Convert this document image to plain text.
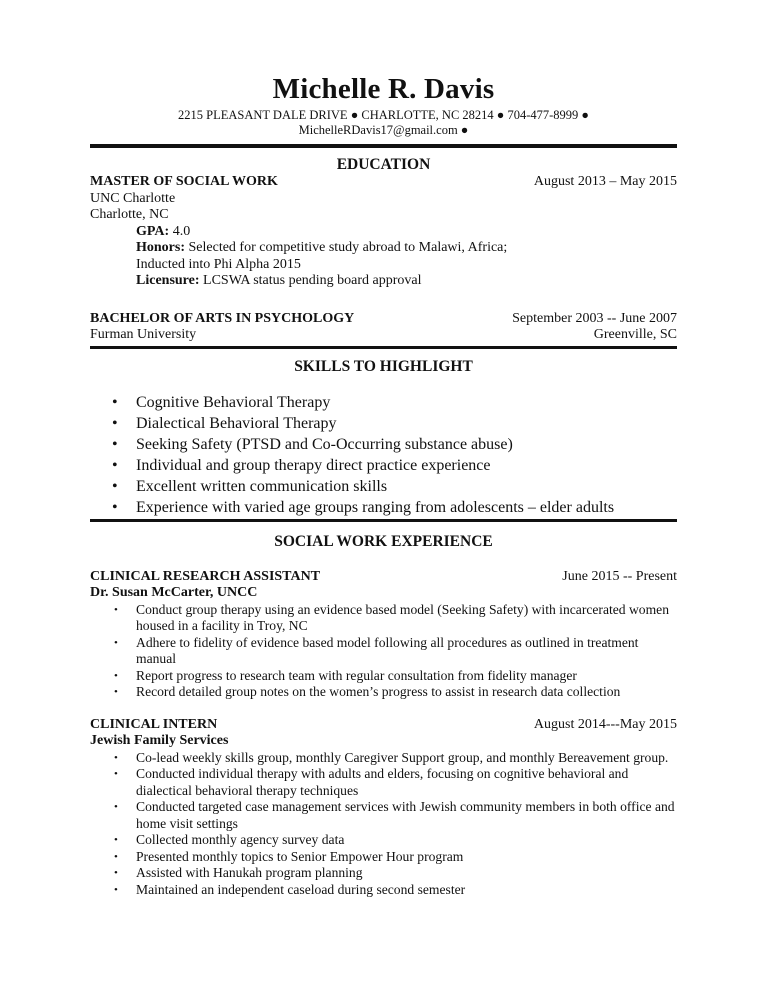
Michelle R. Davis
2215 PLEASANT DALE DRIVE ● CHARLOTTE, NC 28214 ● 704-477-8999 ●
MichelleRDavis17@gmail.com ●
EDUCATION
MASTER OF SOCIAL WORK	August 2013 – May 2015
UNC Charlotte
Charlotte, NC
GPA: 4.0
Honors: Selected for competitive study abroad to Malawi, Africa;
Inducted into Phi Alpha 2015
Licensure: LCSWA status pending board approval
BACHELOR OF ARTS IN PSYCHOLOGY	September 2003 -- June 2007
Furman University	Greenville, SC
SKILLS TO HIGHLIGHT
• Cognitive Behavioral Therapy
• Dialectical Behavioral Therapy
• Seeking Safety (PTSD and Co-Occurring substance abuse)
• Individual and group therapy direct practice experience
• Excellent written communication skills
• Experience with varied age groups ranging from adolescents – elder adults
SOCIAL WORK EXPERIENCE
CLINICAL RESEARCH ASSISTANT	June 2015 -- Present
Dr. Susan McCarter, UNCC
• Conduct group therapy using an evidence based model (Seeking Safety) with incarcerated women housed in a facility in Troy, NC
• Adhere to fidelity of evidence based model following all procedures as outlined in treatment manual
• Report progress to research team with regular consultation from fidelity manager
• Record detailed group notes on the women’s progress to assist in research data collection
CLINICAL INTERN	August 2014---May 2015
Jewish Family Services
• Co-lead weekly skills group, monthly Caregiver Support group, and monthly Bereavement group.
• Conducted individual therapy with adults and elders, focusing on cognitive behavioral and dialectical behavioral therapy techniques
• Conducted targeted case management services with Jewish community members in both office and home visit settings
• Collected monthly agency survey data
• Presented monthly topics to Senior Empower Hour program
• Assisted with Hanukah program planning
• Maintained an independent caseload during second semester
